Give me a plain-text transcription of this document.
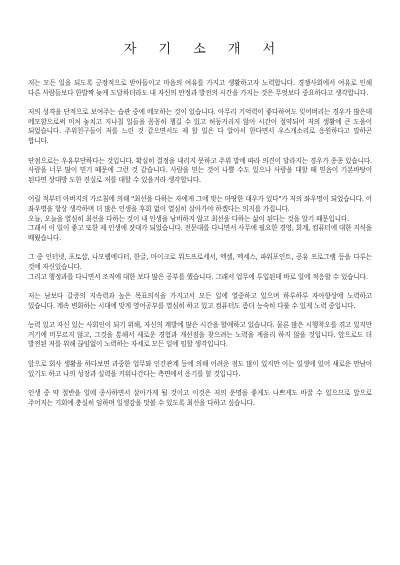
자 기 소 개 서

저는 모든 일을 되도록 긍정적으로 받아들이고 마음의 여유를 가지고 생활하고자 노력합니다. 경쟁사회에서 여유로 인해 다른 사람들보다 한발짝 늦게 도달하더라도 내 자신의 안정과 발전의 시간을 가지는 것은 무엇보다 중요하다고 생각합니다.

저의 성격을 단적으로 보여주는 습관 중에 메모하는 것이 있습니다. 아무리 기억력이 좋다하여도 잊어버리는 경우가 많은데 메모함으로써 미처 놓치고 지나칠 일들을 꼼꼼히 챙길 수 있고 허둥거리지 않아 시간이 절약되어 저의 생활에 큰 도움이 되었습니다. 주위친구들이 저를 느린 것 같으면서도 제 할 일은 다 알아서 한다면서 우스개소리로 응원하다고 말하곤 합니다.

단점으로는 우유부단하다는 것입니다. 확실히 결정을 내리지 못하고 주위 말에 따라 의견이 달라지는 경우가 종종 있습니다. 사람을 너무 많이 믿기 때문에 그런 것 같습니다. 사람을 믿는 것이 나쁠 수도 있으나 사람을 대할 때 믿음이 기본바탕이 된다면 상대방 도한 진실로 저를 대할 수 있을거라 생각합니다.

어릴 적부터 아버지의 가르침에 의해 "최선을 다하는 자에게 그에 맞는 마땅한 대우가 있다"가 저의 좌우명이 되었습니다. 이 좌우명을 항상 생각하며 더 많은 인생을 후회 없이 열심히 살아가야 하겠다는 의지를 가집니다.

오늘, 오늘을 열심히 최선을 다하는 것이 내 인생을 낭비하지 않고 최선을 다하는 삶이 된다는 것을 알기 때문입니다.

그래서 이 일이 좋고 또한 제 인생에 잣대가 되었습니다. 전문대를 다니면서 사무에 필요한 경영, 회계, 컴퓨터에 대한 지식을 배웠습니다.

그 중 인터넷, 포토샵, 나모웹에디터, 한글, 마이크로 워드프로세서, 엑셀, 엑세스, 파워포인트, 공유 프로그램 등을 다루는 것에 자신있습니다.

그리고 행정과를 다니면서 조직에 대한 보다 많은 공부를 했습니다. 그래서 업무에 투입된데 바로 일에 적응할 수 있습니다.

저는 남보다 갈증의 지속력과 높은 목표의식을 가지고서 모든 일에 열중하고 있으며 하루하루 자아향상에 노력하고 있습니다. 계속 변화하는 시대에 맞게 영어공부를 열심히 하고 있고 컴퓨터도 좀더 능숙히 다룰 수 있게 노력 중입니다.

능력 있고 자신 있는 사회인이 되기 위해, 자신의 계발에 많은 시간을 할애하고 있습니다. 물론 많은 시행착오를 겪고 있지만 거기에 머무르지 않고, 그것을 통해서 새로운 경험과 개선점을 찾으려는 노력을 게을리 하지 않을 것입니다. 앞으로도 더 발전된 저를 위해 끊임없이 노력하는 자세로 모든 일에 임할 생각입니다.

앞으로 회사 생활을 하다보면 과중한 업무와 인간관계 등에 의해 어려운 점도 많이 있지만 이는 일생에 있어 새로운 만남이 있기도 하고 나의 성장과 실력을 키워나간다는 측면에서 응기를 할 것입니다.

인생 중 약 절반을 일에 종사하면서 살아가게 될 것이고 이것은 저의 운명을 좋게도 나쁘게도 바꿀 수 있으므로 앞으로 주어지는 기회에 충실히 임하며 일생감을 맛볼 수 있도록 최선을 다하고 싶습니다.
